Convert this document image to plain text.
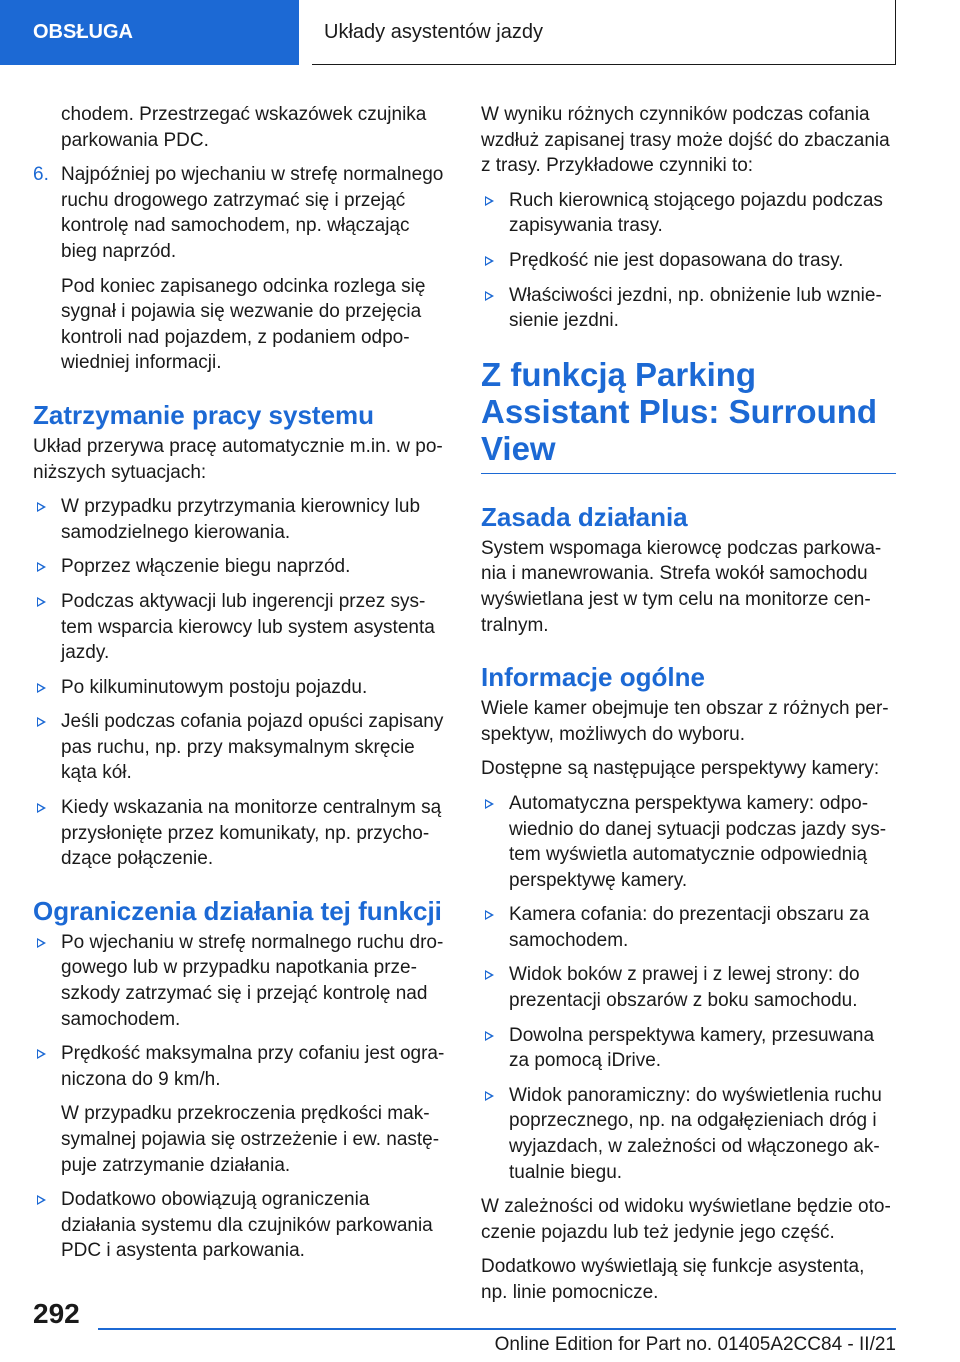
OBSŁUGA	Układy asystentów jazdy

chodem. Przestrzegać wskazówek czujnika parkowania PDC.

6. Najpóźniej po wjechaniu w strefę normalnego ruchu drogowego zatrzymać się i przejąć kontrolę nad samochodem, np. włączając bieg naprzód.

Pod koniec zapisanego odcinka rozlega się sygnał i pojawia się wezwanie do przejęcia kontroli nad pojazdem, z podaniem odpowiedniej informacji.

Zatrzymanie pracy systemu

Układ przerywa pracę automatycznie m.in. w poniższych sytuacjach:

W przypadku przytrzymania kierownicy lub samodzielnego kierowania.
Poprzez włączenie biegu naprzód.
Podczas aktywacji lub ingerencji przez system wsparcia kierowcy lub system asystenta jazdy.
Po kilkuminutowym postoju pojazdu.
Jeśli podczas cofania pojazd opuści zapisany pas ruchu, np. przy maksymalnym skręcie kąta kół.
Kiedy wskazania na monitorze centralnym są przysłonięte przez komunikaty, np. przychodzące połączenie.
Ograniczenia działania tej funkcji
Po wjechaniu w strefę normalnego ruchu drogowego lub w przypadku napotkania przeszkody zatrzymać się i przejąć kontrolę nad samochodem.
Prędkość maksymalna przy cofaniu jest ograniczona do 9 km/h.
W przypadku przekroczenia prędkości maksymalnej pojawia się ostrzeżenie i ew. następuje zatrzymanie działania.
Dodatkowo obowiązują ograniczenia działania systemu dla czujników parkowania PDC i asystenta parkowania.

W wyniku różnych czynników podczas cofania wzdłuż zapisanej trasy może dojść do zbaczania z trasy. Przykładowe czynniki to:

Ruch kierownicą stojącego pojazdu podczas zapisywania trasy.
Prędkość nie jest dopasowana do trasy.
Właściwości jezdni, np. obniżenie lub wzniesienie jezdni.
Z funkcją Parking Assistant Plus: Surround View
Zasada działania

System wspomaga kierowcę podczas parkowania i manewrowania. Strefa wokół samochodu wyświetlana jest w tym celu na monitorze centralnym.

Informacje ogólne

Wiele kamer obejmuje ten obszar z różnych perspektyw, możliwych do wyboru.

Dostępne są następujące perspektywy kamery:

Automatyczna perspektywa kamery: odpowiednio do danej sytuacji podczas jazdy system wyświetla automatycznie odpowiednią perspektywę kamery.
Kamera cofania: do prezentacji obszaru za samochodem.
Widok boków z prawej i z lewej strony: do prezentacji obszarów z boku samochodu.
Dowolna perspektywa kamery, przesuwana za pomocą iDrive.
Widok panoramiczny: do wyświetlenia ruchu poprzecznego, np. na odgałęzieniach dróg i wyjazdach, w zależności od włączonego aktualnie biegu.

W zależności od widoku wyświetlane będzie otoczenie pojazdu lub też jedynie jego część.

Dodatkowo wyświetlają się funkcje asystenta, np. linie pomocnicze.

292
Online Edition for Part no. 01405A2CC84 - II/21
